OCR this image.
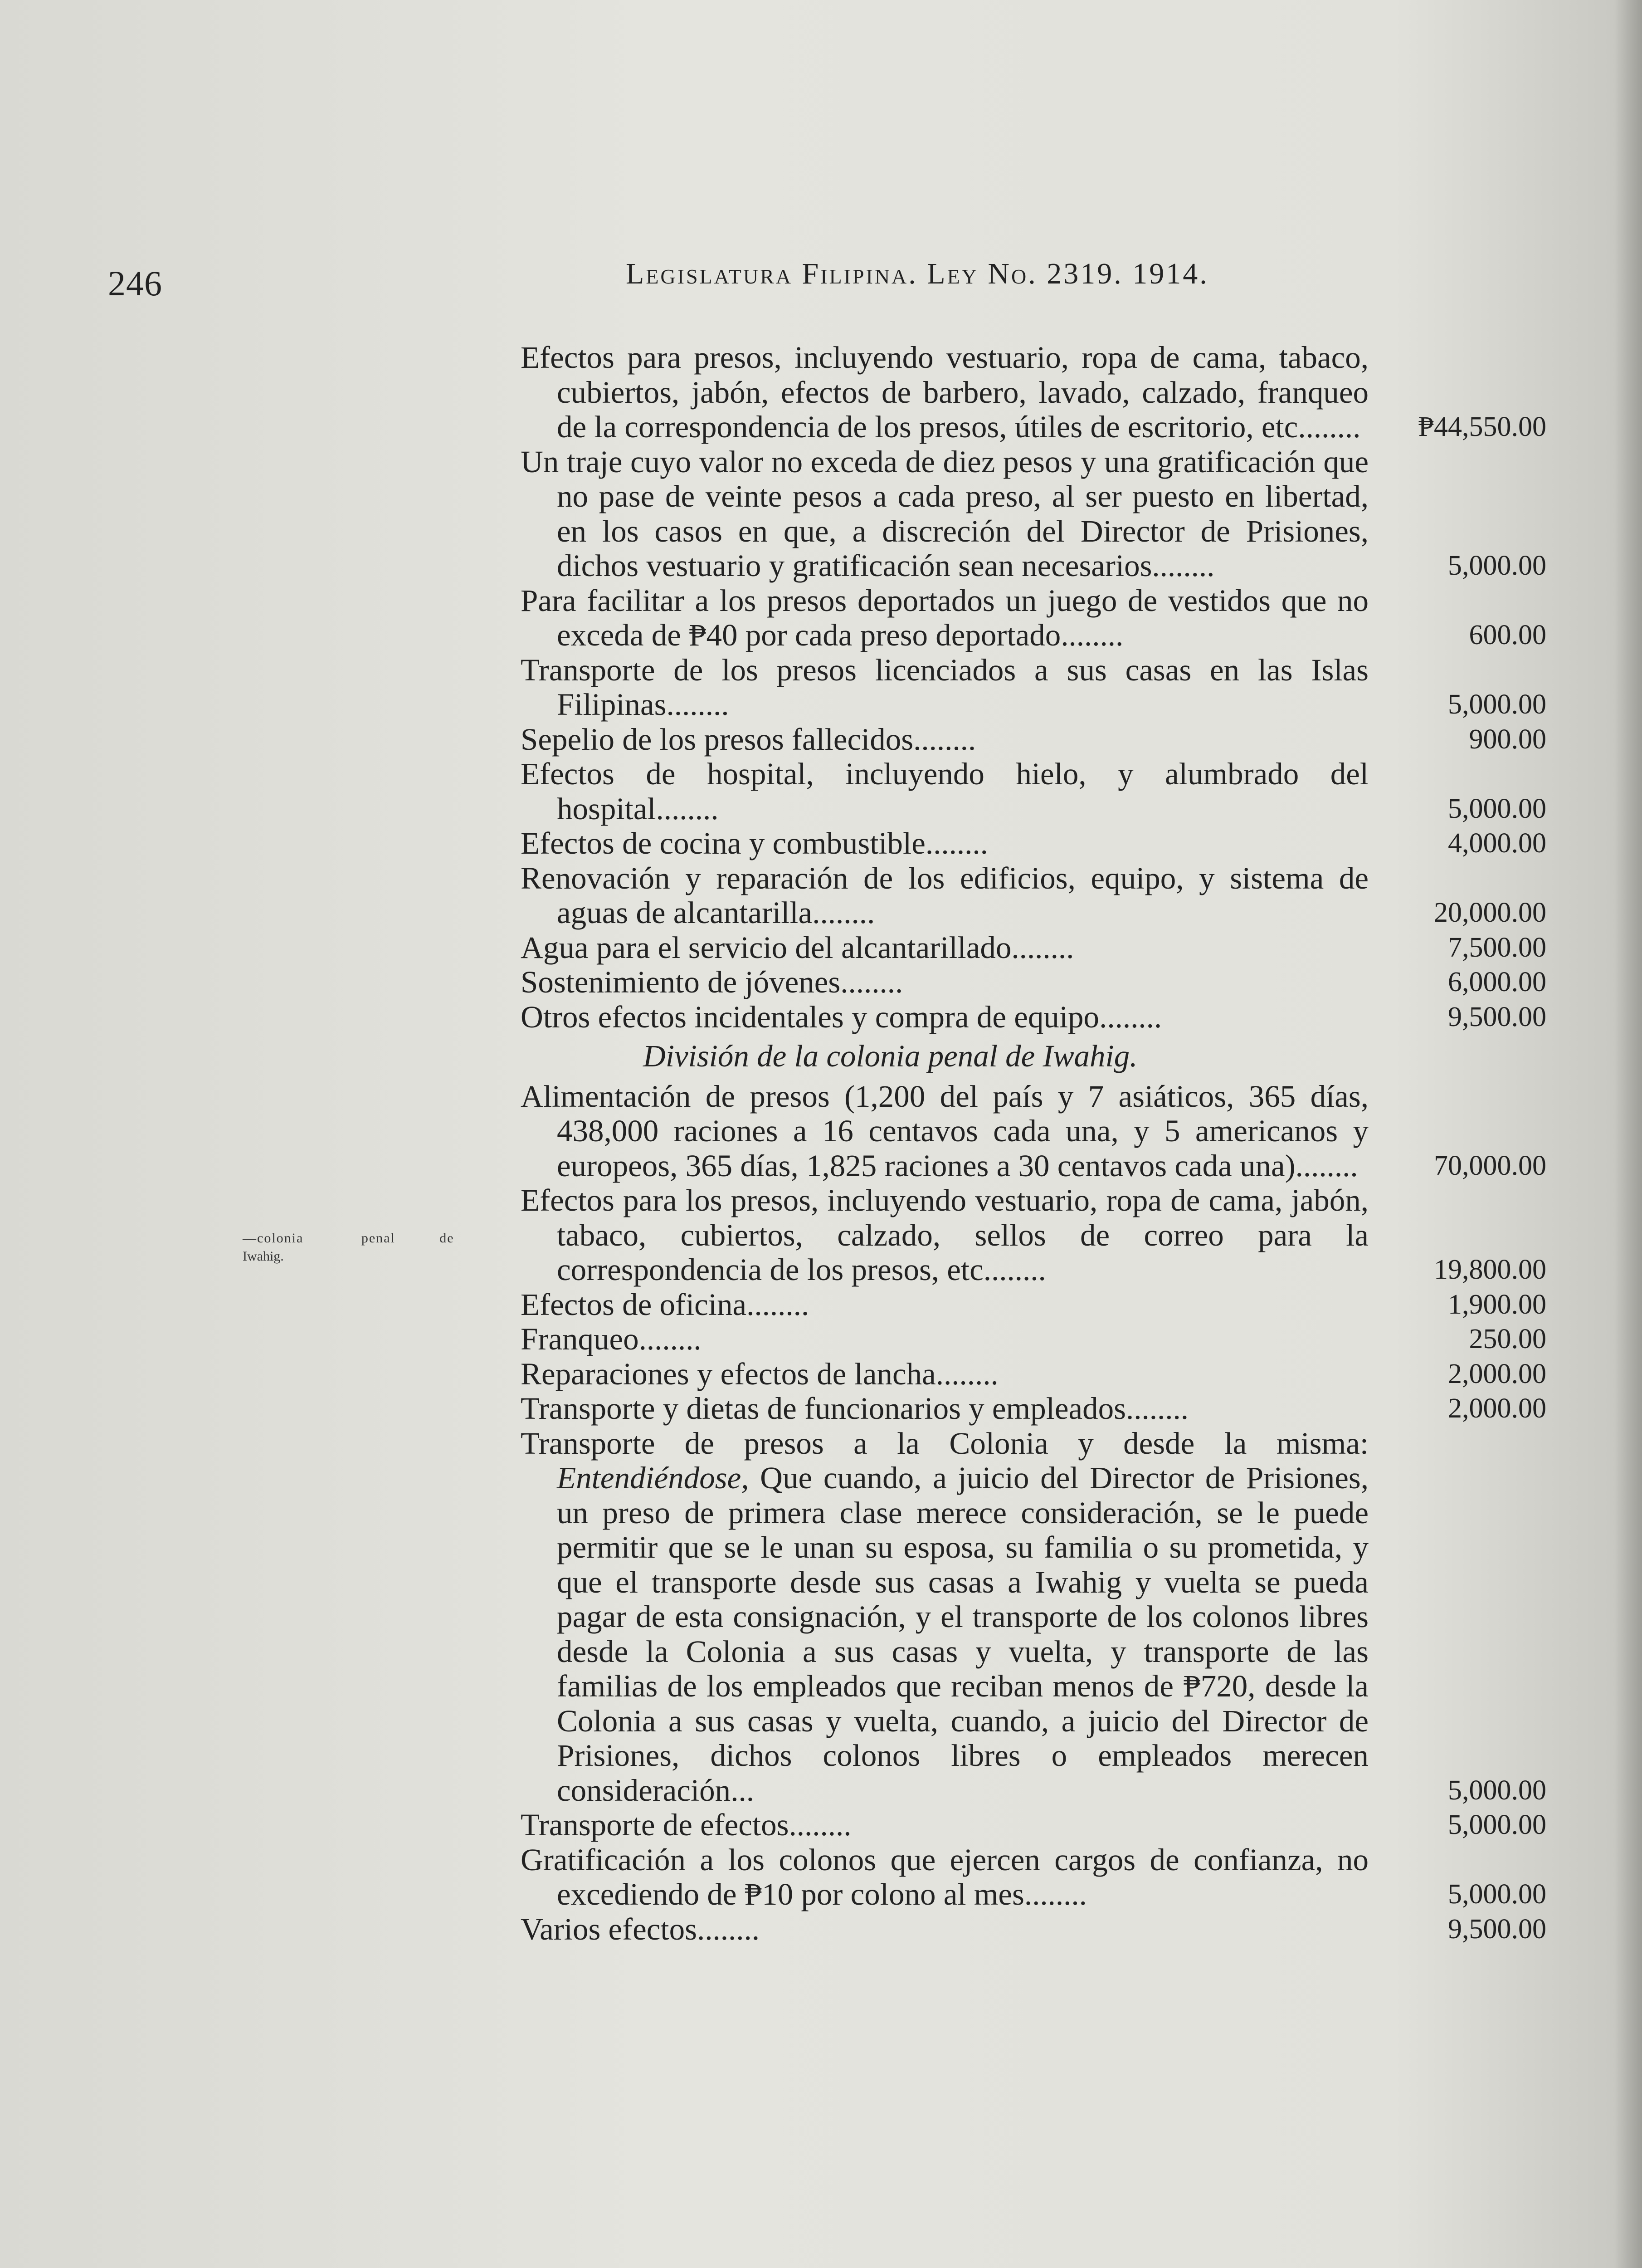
246	Legislatura Filipina. Ley No. 2319. 1914.
—colonia	penal	de
Iwahig.
Efectos para presos, incluyendo vestuario, ropa de cama, tabaco, cubiertos, jabón, efectos de barbero, lavado, calzado, franqueo de la correspondencia de los presos, útiles de escritorio, etc........	₱44,550.00
Un traje cuyo valor no exceda de diez pesos y una gratificación que no pase de veinte pesos a cada preso, al ser puesto en libertad, en los casos en que, a discreción del Director de Prisiones, dichos vestuario y gratificación sean necesarios........	5,000.00
Para facilitar a los presos deportados un juego de vestidos que no exceda de ₱40 por cada preso deportado........	600.00
Transporte de los presos licenciados a sus casas en las Islas Filipinas........	5,000.00
Sepelio de los presos fallecidos........	900.00
Efectos de hospital, incluyendo hielo, y alumbrado del hospital........	5,000.00
Efectos de cocina y combustible........	4,000.00
Renovación y reparación de los edificios, equipo, y sistema de aguas de alcantarilla........	20,000.00
Agua para el servicio del alcantarillado........	7,500.00
Sostenimiento de jóvenes........	6,000.00
Otros efectos incidentales y compra de equipo........	9,500.00
División de la colonia penal de Iwahig.
Alimentación de presos (1,200 del país y 7 asiáticos, 365 días, 438,000 raciones a 16 centavos cada una, y 5 americanos y europeos, 365 días, 1,825 raciones a 30 centavos cada una)........	70,000.00
Efectos para los presos, incluyendo vestuario, ropa de cama, jabón, tabaco, cubiertos, calzado, sellos de correo para la correspondencia de los presos, etc........	19,800.00
Efectos de oficina........	1,900.00
Franqueo........	250.00
Reparaciones y efectos de lancha........	2,000.00
Transporte y dietas de funcionarios y empleados........	2,000.00
Transporte de presos a la Colonia y desde la misma: Entendiéndose, Que cuando, a juicio del Director de Prisiones, un preso de primera clase merece consideración, se le puede permitir que se le unan su esposa, su familia o su prometida, y que el transporte desde sus casas a Iwahig y vuelta se pueda pagar de esta consignación, y el transporte de los colonos libres desde la Colonia a sus casas y vuelta, y transporte de las familias de los empleados que reciban menos de ₱720, desde la Colonia a sus casas y vuelta, cuando, a juicio del Director de Prisiones, dichos colonos libres o empleados merecen consideración...	5,000.00
Transporte de efectos........	5,000.00
Gratificación a los colonos que ejercen cargos de confianza, no excediendo de ₱10 por colono al mes........	5,000.00
Varios efectos........	9,500.00
